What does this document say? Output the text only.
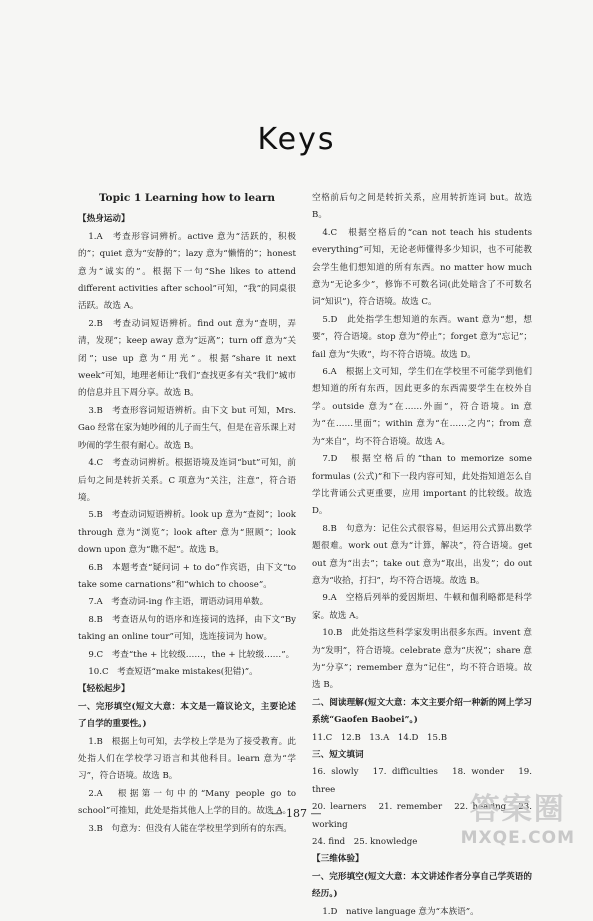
Keys
Topic 1 Learning how to learn

【热身运动】

1.A　考查形容词辨析。active 意为“活跃的，积极的”；quiet 意为“安静的”；lazy 意为“懒惰的”；honest 意为“诚实的”。根据下一句“She likes to attend different activities after school”可知，“我”的同桌很活跃。故选 A。

2.B　考查动词短语辨析。find out 意为“查明，弄清，发现”；keep away 意为“远离”；turn off 意为“关闭”；use up 意为“用光”。根据“share it next week”可知，地理老师让“我们”查找更多有关“我们”城市的信息并且下周分享。故选 B。

3.B　考查形容词短语辨析。由下文 but 可知，Mrs. Gao 经常在家为她吵闹的儿子而生气，但是在音乐课上对吵闹的学生很有耐心。故选 B。

4.C　考查动词辨析。根据语境及连词“but”可知，前后句之间是转折关系。C 项意为“关注，注意”，符合语境。

5.B　考查动词短语辨析。look up 意为“查阅”；look through 意为“浏览”；look after 意为“照顾”；look down upon 意为“瞧不起”。故选 B。

6.B　本题考查“疑问词 + to do”作宾语，由下文“to take some carnations”和“which to choose”。

7.A　考查动词-ing 作主语，谓语动词用单数。

8.B　考查语从句的语序和连接词的选择，由下文“By taking an online tour”可知，选连接词为 how。

9.C　考查“the + 比较级……，the + 比较级……”。

10.C　考查短语“make mistakes(犯错)”。

【轻松起步】

一、完形填空(短文大意：本文是一篇议论文，主要论述了自学的重要性。)

1.B　根据上句可知，去学校上学是为了接受教育。此处指人们在学校学习语言和其他科目。learn 意为“学习”，符合语境。故选 B。

2.A　根据第一句中的“Many people go to school”可推知，此处是指其他人上学的目的。故选 A。

3.B　句意为：但没有人能在学校里学到所有的东西。

空格前后句之间是转折关系，应用转折连词 but。故选 B。

4.C　根据空格后的“can not teach his students everything”可知，无论老师懂得多少知识，也不可能教会学生他们想知道的所有东西。no matter how much 意为“无论多少”，修饰不可数名词(此处暗含了不可数名词“知识”)，符合语境。故选 C。

5.D　此处指学生想知道的东西。want 意为“想，想要”，符合语境。stop 意为“停止”；forget 意为“忘记”；fail 意为“失败”，均不符合语境。故选 D。

6.A　根据上文可知，学生们在学校里不可能学到他们想知道的所有东西，因此更多的东西需要学生在校外自学。outside 意为“在……外面”，符合语境。in 意为“在……里面”；within 意为“在……之内”；from 意为“来自”，均不符合语境。故选 A。

7.D　根据空格后的“than to memorize some formulas (公式)”和下一段内容可知，此处指知道怎么自学比背诵公式更重要，应用 important 的比较级。故选 D。

8.B　句意为：记住公式很容易，但运用公式算出数学题很难。work out 意为“计算，解决”，符合语境。get out 意为“出去”；take out 意为“取出，出发”；do out 意为“收拾，打扫”，均不符合语境。故选 B。

9.A　空格后列举的爱因斯坦、牛顿和伽利略都是科学家。故选 A。

10.B　此处指这些科学家发明出很多东西。invent 意为“发明”，符合语境。celebrate 意为“庆祝”；share 意为“分享”；remember 意为“记住”，均不符合语境。故选 B。

二、阅读理解(短文大意：本文主要介绍一种新的网上学习系统“Gaofen Baobei”。)

11.C　12.B　13.A　14.D　15.B

三、短文填词

16. slowly　17. difficulties　18. wonder　19. three

20. learners　21. remember　22. hearing　23. working

24. find　25. knowledge

【三维体验】

一、完形填空(短文大意：本文讲述作者分享自己学英语的经历。)

1.D　native language 意为“本族语”。

— 187 —	答案圈
MXQE.COM
